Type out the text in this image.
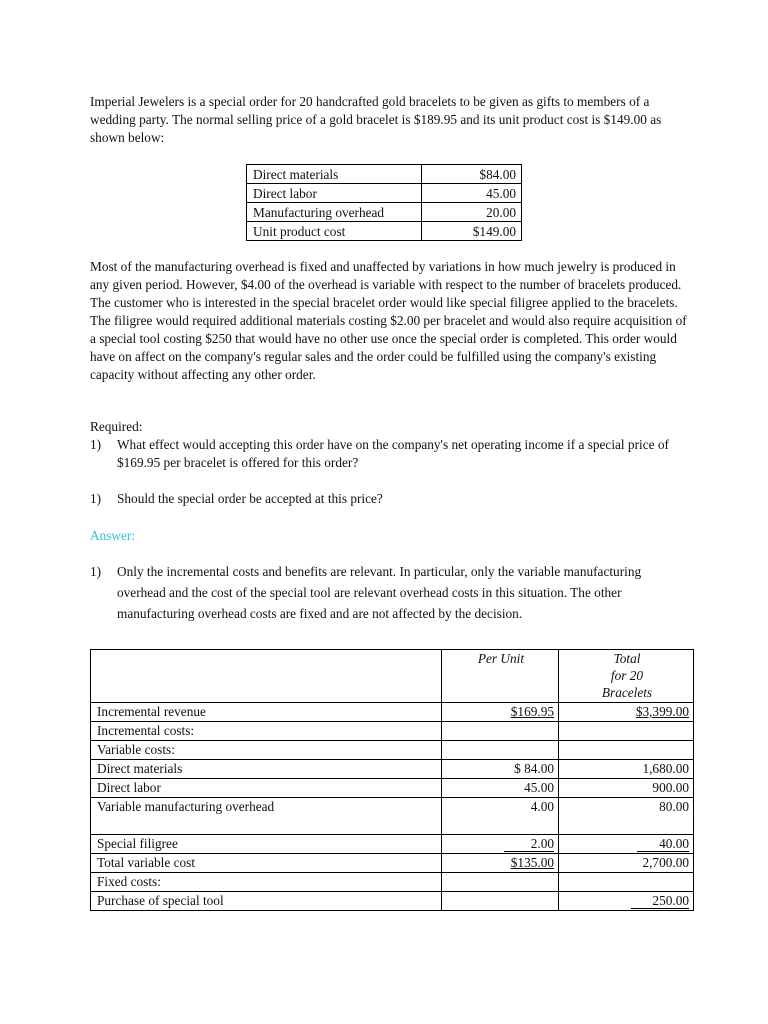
Imperial Jewelers is a special order for 20 handcrafted gold bracelets to be given as gifts to members of a wedding party. The normal selling price of a gold bracelet is $189.95 and its unit product cost is $149.00 as shown below:

Direct materials	$84.00
Direct labor	45.00
Manufacturing overhead	20.00
Unit product cost	$149.00

Most of the manufacturing overhead is fixed and unaffected by variations in how much jewelry is produced in any given period. However, $4.00 of the overhead is variable with respect to the number of bracelets produced. The customer who is interested in the special bracelet order would like special filigree applied to the bracelets. The filigree would required additional materials costing $2.00 per bracelet and would also require acquisition of a special tool costing $250 that would have no other use once the special order is completed. This order would have on affect on the company's regular sales and the order could be fulfilled using the company's existing capacity without affecting any other order.

Required:

1) What effect would accepting this order have on the company's net operating income if a special price of $169.95 per bracelet is offered for this order?
1) Should the special order be accepted at this price?

Answer:

1) Only the incremental costs and benefits are relevant. In particular, only the variable manufacturing overhead and the cost of the special tool are relevant overhead costs in this situation. The other manufacturing overhead costs are fixed and are not affected by the decision.
	Per Unit	Total
for 20
Bracelets
Incremental revenue	$169.95	$3,399.00
Incremental costs:		
Variable costs:		
Direct materials	$ 84.00	1,680.00
Direct labor	45.00	900.00
Variable manufacturing overhead	4.00	80.00
Special filigree	2.00	40.00
Total variable cost	$135.00	2,700.00
Fixed costs:		
Purchase of special tool		250.00
